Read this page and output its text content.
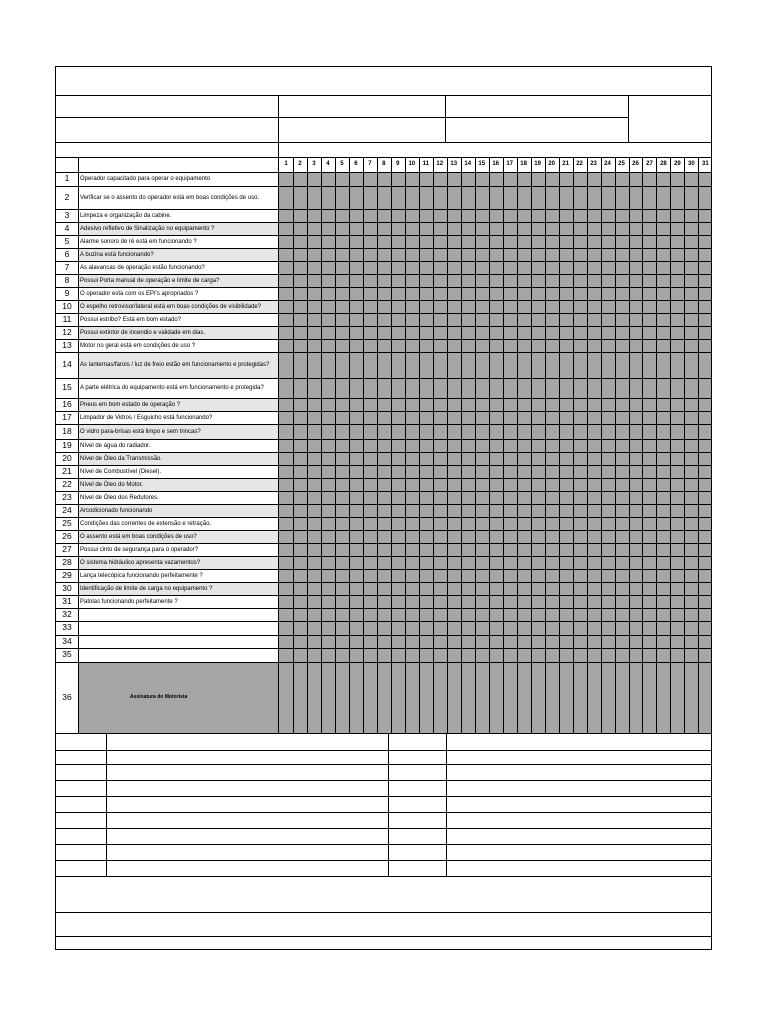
1	2	3	4	5	6	7	8	9	10	11	12	13	14	15	16	17	18	19	20	21	22	23	24	25	26	27	28	29	30	31
1	Operador capacitado para operar o equipamento
2	Verificar se o assento do operador está em boas condições de uso.
3	Limpeza e organização da cabine.
4	Adesivo refletivo de Sinalização no equipamento ?
5	Alarme sonoro de ré está em funcionando ?
6	A buzina está funcionando?
7	As alavancas de operação estão funcionando?
8	Possui Porta manual de operação e limite de carga?
9	O operador está com os EPI's apropriados ?
10	O espelho retrovisor/lateral está em boas condições de visibilidade?
11	Possui estribo? Está em bom estado?
12	Possui extintor de incendio e validade em dias.
13	Motor no geral está em condições de uso ?
14	As lanternas/farois / luz de freio estão em funcionamento e protegidas?
15	A parte elétrica do equipamento está em funcionamento e protegida?
16	Pneus em bom estado de operação ?
17	Limpador de Vidros / Esguicho está funcionando?
18	O vidro para-brisas está limpo e sem trincas?
19	Nível de água do radiador.
20	Nível de Óleo da Transmissão.
21	Nível de Combustível (Diesel).
22	Nível de Óleo do Motor.
23	Nível de Óleo dos Redutores.
24	Arcodicionado funcionando
25	Condições das correntes de extensão e retração.
26	O assento está em boas condições de uso?
27	Possui cinto de segurança para o operador?
28	O sistema hidráulico apresenta vazamentos?
29	Lança telecópica funcionando perfeitamente ?
30	Identificação de limite de carga no equipamento ?
31	Patolas funcionando perfeitamente ?
32
33
34
35
36	Assinatura do Motorista
